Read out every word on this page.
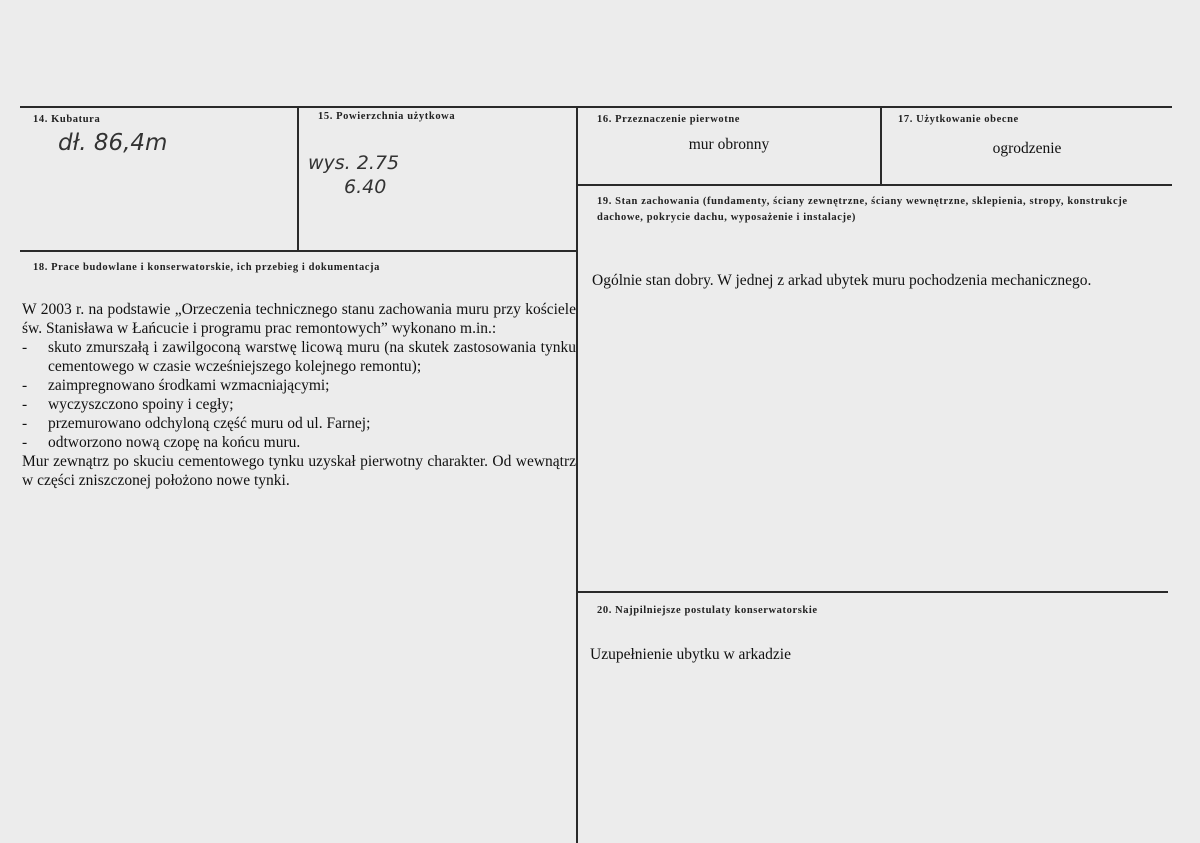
14. Kubatura
dł. 86,4m
15. Powierzchnia użytkowa
wys. 2.75
6.40
16. Przeznaczenie pierwotne
mur obronny
17. Użytkowanie obecne
ogrodzenie
18. Prace budowlane i konserwatorskie, ich przebieg i dokumentacja

W 2003 r. na podstawie „Orzeczenia technicznego stanu zachowania muru przy kościele św. Stanisława w Łańcucie i programu prac remontowych” wykonano m.in.:

- skuto zmurszałą i zawilgoconą warstwę licową muru (na skutek zastosowania tynku cementowego w czasie wcześniejszego kolejnego remontu);
- zaimpregnowano środkami wzmacniającymi;
- wyczyszczono spoiny i cegły;
- przemurowano odchyloną część muru od ul. Farnej;
- odtworzono nową czopę na końcu muru.

Mur zewnątrz po skuciu cementowego tynku uzyskał pierwotny charakter. Od wewnątrz w części zniszczonej położono nowe tynki.

19. Stan zachowania (fundamenty, ściany zewnętrzne, ściany wewnętrzne, sklepienia, stropy, konstrukcje dachowe, pokrycie dachu, wyposażenie i instalacje)
Ogólnie stan dobry. W jednej z arkad ubytek muru pochodzenia mechanicznego.
20. Najpilniejsze postulaty konserwatorskie
Uzupełnienie ubytku w arkadzie
